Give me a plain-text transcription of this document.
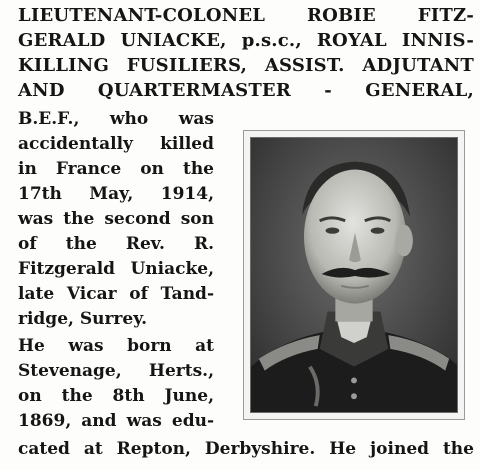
LIEUTENANT-COLONEL ROBIE FITZ-
GERALD UNIACKE, p.s.c., ROYAL INNIS-
KILLING FUSILIERS, ASSIST. ADJUTANT
AND QUARTERMASTER - GENERAL,
B.E.F., who was
accidentally killed
in France on the
17th May, 1914,
was the second son
of the Rev. R.
Fitzgerald Uniacke,
late Vicar of Tand-
ridge, Surrey.
He was born at
Stevenage, Herts.,
on the 8th June,
1869, and was edu-
cated at Repton, Derbyshire. He joined the
